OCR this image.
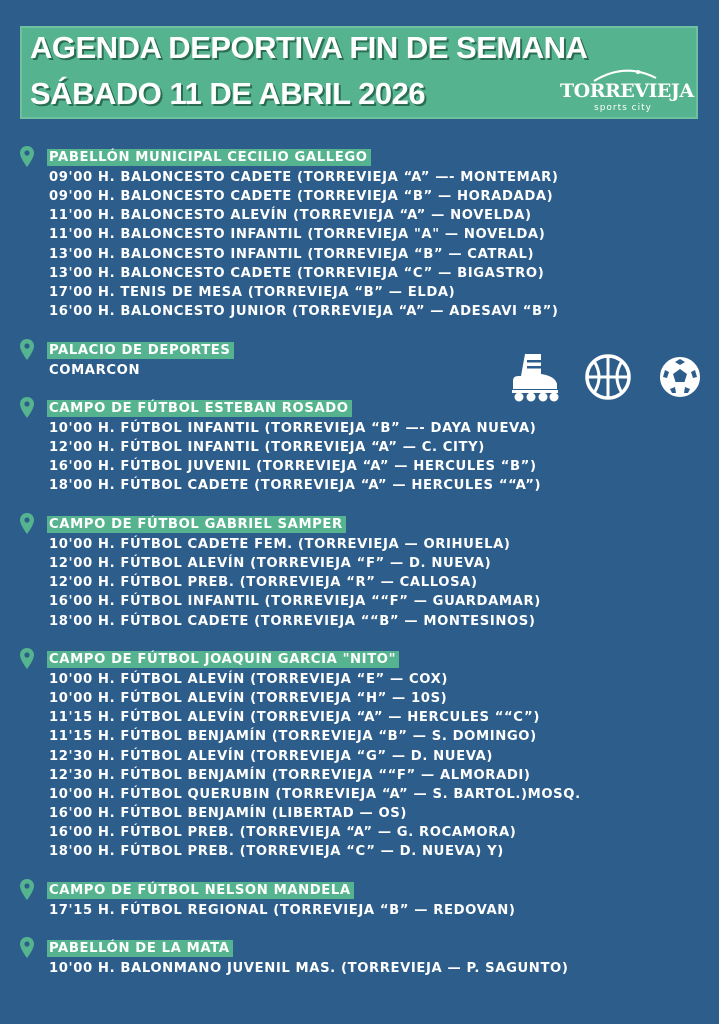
AGENDA DEPORTIVA FIN DE SEMANA
SÁBADO 11 DE ABRIL 2026	TORREVIEJA
sports city
PABELLÓN MUNICIPAL CECILIO GALLEGO
09'00 H. BALONCESTO CADETE (TORREVIEJA “A” —- MONTEMAR)
09'00 H. BALONCESTO CADETE (TORREVIEJA “B” — HORADADA)
11'00 H. BALONCESTO ALEVÍN (TORREVIEJA “A” — NOVELDA)
11'00 H. BALONCESTO INFANTIL (TORREVIEJA "A" — NOVELDA)
13'00 H. BALONCESTO INFANTIL (TORREVIEJA “B” — CATRAL)
13'00 H. BALONCESTO CADETE (TORREVIEJA “C” — BIGASTRO)
17'00 H. TENIS DE MESA (TORREVIEJA “B” — ELDA)
16'00 H. BALONCESTO JUNIOR (TORREVIEJA “A” — ADESAVI “B”)
PALACIO DE DEPORTES
COMARCON
CAMPO DE FÚTBOL ESTEBAN ROSADO
10'00 H. FÚTBOL INFANTIL (TORREVIEJA “B” —- DAYA NUEVA)
12'00 H. FÚTBOL INFANTIL (TORREVIEJA “A” — C. CITY)
16'00 H. FÚTBOL JUVENIL (TORREVIEJA “A” — HERCULES “B”)
18'00 H. FÚTBOL CADETE (TORREVIEJA “A” — HERCULES ““A”)
CAMPO DE FÚTBOL GABRIEL SAMPER
10'00 H. FÚTBOL CADETE FEM. (TORREVIEJA — ORIHUELA)
12'00 H. FÚTBOL ALEVÍN (TORREVIEJA “F” — D. NUEVA)
12'00 H. FÚTBOL PREB. (TORREVIEJA “R” — CALLOSA)
16'00 H. FÚTBOL INFANTIL (TORREVIEJA ““F” — GUARDAMAR)
18'00 H. FÚTBOL CADETE (TORREVIEJA ““B” — MONTESINOS)
CAMPO DE FÚTBOL JOAQUIN GARCIA "NITO"
10'00 H. FÚTBOL ALEVÍN (TORREVIEJA “E” — COX)
10'00 H. FÚTBOL ALEVÍN (TORREVIEJA “H” — 10S)
11'15 H. FÚTBOL ALEVÍN (TORREVIEJA “A” — HERCULES ““C”)
11'15 H. FÚTBOL BENJAMÍN (TORREVIEJA “B” — S. DOMINGO)
12'30 H. FÚTBOL ALEVÍN (TORREVIEJA “G” — D. NUEVA)
12'30 H. FÚTBOL BENJAMÍN (TORREVIEJA ““F” — ALMORADI)
10'00 H. FÚTBOL QUERUBIN (TORREVIEJA “A” — S. BARTOL.)MOSQ.
16'00 H. FÚTBOL BENJAMÍN (LIBERTAD — OS)
16'00 H. FÚTBOL PREB. (TORREVIEJA “A” — G. ROCAMORA)
18'00 H. FÚTBOL PREB. (TORREVIEJA “C” — D. NUEVA) Y)
CAMPO DE FÚTBOL NELSON MANDELA
17'15 H. FÚTBOL REGIONAL (TORREVIEJA “B” — REDOVAN)
PABELLÓN DE LA MATA
10'00 H. BALONMANO JUVENIL MAS. (TORREVIEJA — P. SAGUNTO)
